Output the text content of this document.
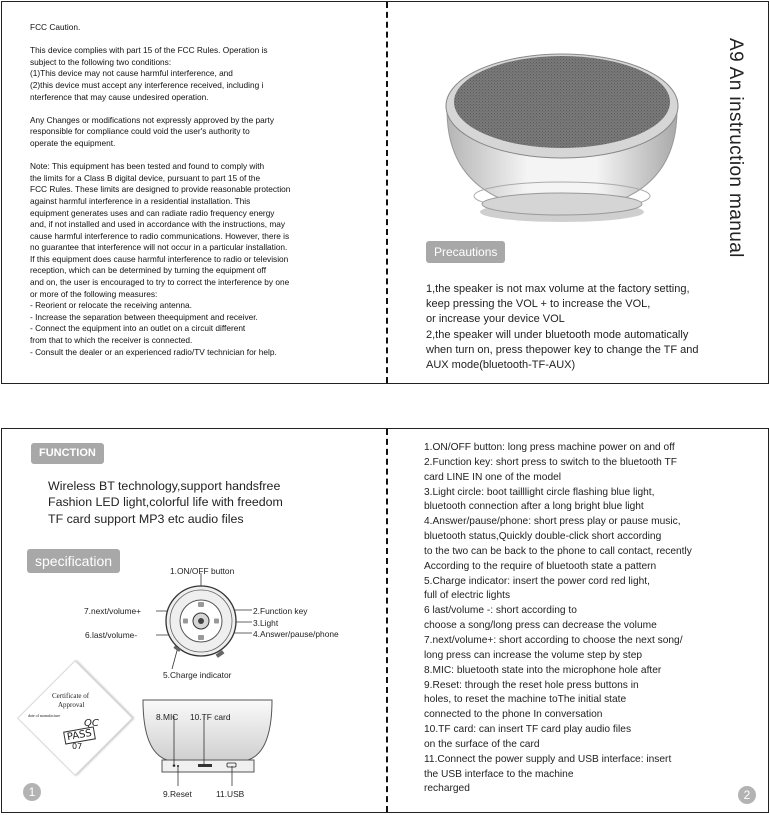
FCC Caution.

This device complies with part 15 of the FCC Rules. Operation is
subject to the following two conditions:
(1)This device may not cause harmful interference, and
(2)this device must accept any interference received, including i
nterference that may cause undesired operation.

Any Changes or modifications not expressly approved by the party
responsible for compliance could void the user's authority to
operate the equipment.

Note: This equipment has been tested and found to comply with
the limits for a Class B digital device, pursuant to part 15 of the
FCC Rules. These limits are designed to provide reasonable protection
against harmful interference in a residential installation. This
equipment generates uses and can radiate radio frequency energy
and, if not installed and used in accordance with the instructions, may
cause harmful interference to radio communications. However, there is
no guarantee that interference will not occur in a particular installation.
If this equipment does cause harmful interference to radio or television
reception, which can be determined by turning the equipment off
and on, the user is encouraged to try to correct the interference by one
or more of the following measures:
- Reorient or relocate the receiving antenna.
- Increase the separation between theequipment and receiver.
- Connect the equipment into an outlet on a circuit different
from that to which the receiver is connected.
- Consult the dealer or an experienced radio/TV technician for help.
A9 An instruction manual
Precautions
1,the speaker is not max volume at the factory setting,
keep pressing the VOL + to increase the VOL,
or increase your device VOL
2,the speaker will under bluetooth mode automatically
when turn on, press thepower key to change the TF and
AUX mode(bluetooth-TF-AUX)
FUNCTION
Wireless BT technology,support handsfree
Fashion LED light,colorful life with freedom
TF card support MP3 etc audio files
specification
1.ON/OFF button
7.next/volume+
6.last/volume-
2.Function key
3.Light
4.Answer/pause/phone
5.Charge indicator
8.MIC 10.TF card
9.Reset	11.USB
Certificate of
Approval
date of manufacture
QC
PASS
07
1.ON/OFF button: long press machine power on and off
2.Function key: short press to switch to the bluetooth TF
card LINE IN one of the model
3.Light circle: boot tailllight circle flashing blue light,
bluetooth connection after a long bright blue light
4.Answer/pause/phone: short press play or pause music,
bluetooth status,Quickly double-click short according
to the two can be back to the phone to call contact, recently
According to the require of bluetooth state a pattern
5.Charge indicator: insert the power cord red light,
full of electric lights
6 last/volume -: short according to
choose a song/long press can decrease the volume
7.next/volume+: short according to choose the next song/
long press can increase the volume step by step
8.MIC: bluetooth state into the microphone hole after
9.Reset: through the reset hole press buttons in
holes, to reset the machine toThe initial state
connected to the phone In conversation
10.TF card: can insert TF card play audio files
on the surface of the card
11.Connect the power supply and USB interface: insert
the USB interface to the machine
recharged
1	2
